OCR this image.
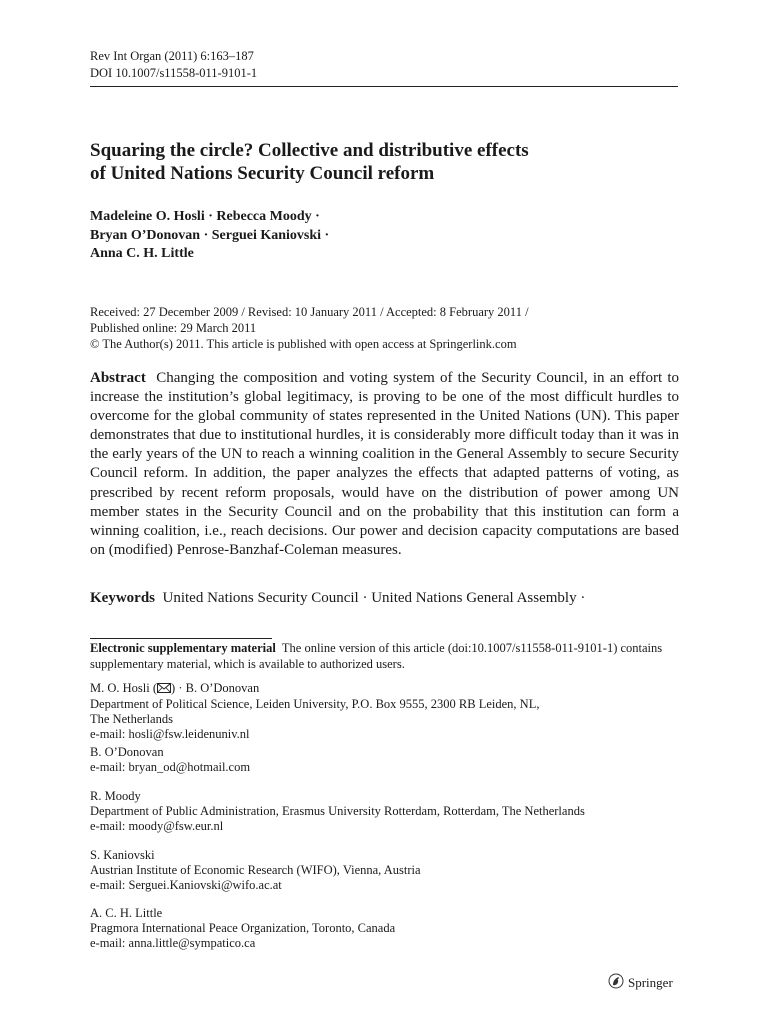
Rev Int Organ (2011) 6:163–187
DOI 10.1007/s11558-011-9101-1
Squaring the circle? Collective and distributive effects
of United Nations Security Council reform
Madeleine O. Hosli · Rebecca Moody ·
Bryan O’Donovan · Serguei Kaniovski ·
Anna C. H. Little
Received: 27 December 2009 / Revised: 10 January 2011 / Accepted: 8 February 2011 /
Published online: 29 March 2011
© The Author(s) 2011. This article is published with open access at Springerlink.com
Abstract Changing the composition and voting system of the Security Council, in an effort to increase the institution’s global legitimacy, is proving to be one of the most difficult hurdles to overcome for the global community of states represented in the United Nations (UN). This paper demonstrates that due to institutional hurdles, it is considerably more difficult today than it was in the early years of the UN to reach a winning coalition in the General Assembly to secure Security Council reform. In addition, the paper analyzes the effects that adapted patterns of voting, as prescribed by recent reform proposals, would have on the distribution of power among UN member states in the Security Council and on the probability that this institution can form a winning coalition, i.e., reach decisions. Our power and decision capacity computations are based on (modified) Penrose-Banzhaf-Coleman measures.
Keywords United Nations Security Council · United Nations General Assembly ·
Electronic supplementary material The online version of this article (doi:10.1007/s11558-011-9101-1) contains supplementary material, which is available to authorized users.
M. O. Hosli ( ) · B. O’Donovan
Department of Political Science, Leiden University, P.O. Box 9555, 2300 RB Leiden, NL,
The Netherlands
e-mail: hosli@fsw.leidenuniv.nl
B. O’Donovan
e-mail: bryan_od@hotmail.com
R. Moody
Department of Public Administration, Erasmus University Rotterdam, Rotterdam, The Netherlands
e-mail: moody@fsw.eur.nl
S. Kaniovski
Austrian Institute of Economic Research (WIFO), Vienna, Austria
e-mail: Serguei.Kaniovski@wifo.ac.at
A. C. H. Little
Pragmora International Peace Organization, Toronto, Canada
e-mail: anna.little@sympatico.ca
Springer
